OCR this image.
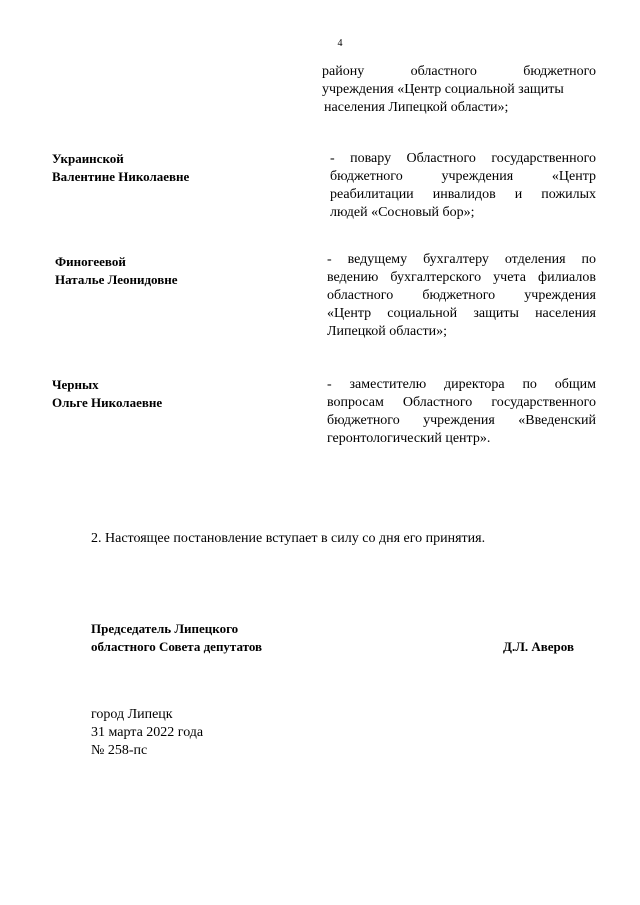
4
району областного бюджетного
учреждения «Центр социальной защиты
населения Липецкой области»;
Украинской
Валентине Николаевне
- повару Областного государственного
бюджетного учреждения «Центр
реабилитации инвалидов и пожилых
людей «Сосновый бор»;
Финогеевой
Наталье Леонидовне
- ведущему бухгалтеру отделения по
ведению бухгалтерского учета филиалов
областного бюджетного учреждения
«Центр социальной защиты населения
Липецкой области»;
Черных
Ольге Николаевне
- заместителю директора по общим
вопросам Областного государственного
бюджетного учреждения «Введенский
геронтологический центр».
2. Настоящее постановление вступает в силу со дня его принятия.
Председатель Липецкого
областного Совета депутатов	Д.Л. Аверов
город Липецк
31 марта 2022 года
№ 258-пс
